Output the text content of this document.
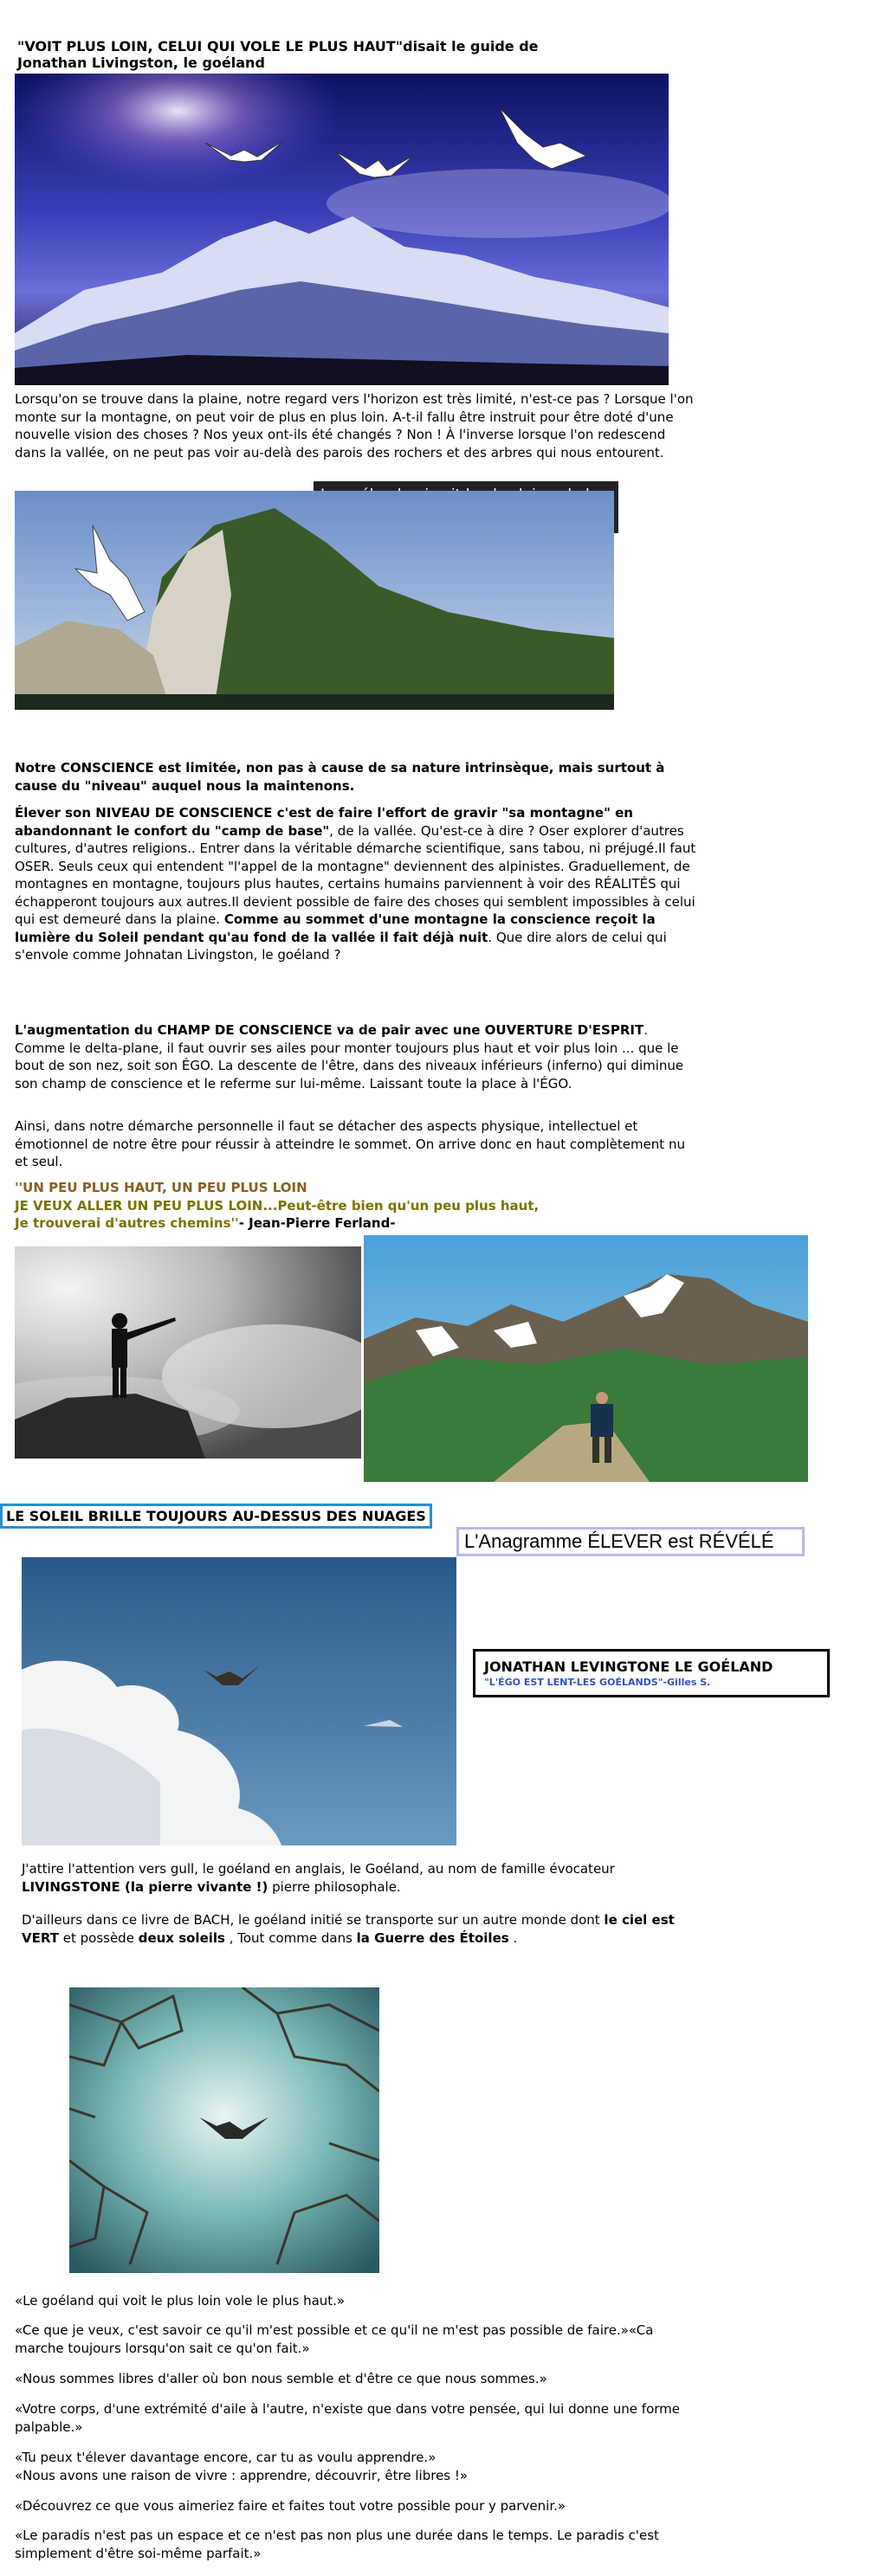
"VOIT PLUS LOIN, CELUI QUI VOLE LE PLUS HAUT"disait le guide de
Jonathan Livingston, le goéland

Lorsqu'on se trouve dans la plaine, notre regard vers l'horizon est très limité, n'est-ce pas ? Lorsque l'on monte sur la montagne, on peut voir de plus en plus loin. A-t-il fallu être instruit pour être doté d'une nouvelle vision des choses ? Nos yeux ont-ils été changés ? Non ! À l'inverse lorsque l'on redescend dans la vallée, on ne peut pas voir au-delà des parois des rochers et des arbres qui nous entourent.

Notre CONSCIENCE est limitée, non pas à cause de sa nature intrinsèque, mais surtout à cause du "niveau" auquel nous la maintenons.

Élever son NIVEAU DE CONSCIENCE c'est de faire l'effort de gravir "sa montagne" en abandonnant le confort du "camp de base", de la vallée. Qu'est-ce à dire ? Oser explorer d'autres cultures, d'autres religions.. Entrer dans la véritable démarche scientifique, sans tabou, ni préjugé.Il faut OSER. Seuls ceux qui entendent "l'appel de la montagne" deviennent des alpinistes. Graduellement, de montagnes en montagne, toujours plus hautes, certains humains parviennent à voir des RÉALITÉS qui échapperont toujours aux autres.Il devient possible de faire des choses qui semblent impossibles à celui qui est demeuré dans la plaine. Comme au sommet d'une montagne la conscience reçoit la lumière du Soleil pendant qu'au fond de la vallée il fait déjà nuit. Que dire alors de celui qui s'envole comme Johnatan Livingston, le goéland ?

L'augmentation du CHAMP DE CONSCIENCE va de pair avec une OUVERTURE D'ESPRIT. Comme le delta-plane, il faut ouvrir ses ailes pour monter toujours plus haut et voir plus loin ... que le bout de son nez, soit son ÉGO. La descente de l'être, dans des niveaux inférieurs (inferno) qui diminue son champ de conscience et le referme sur lui-même. Laissant toute la place à l'ÉGO.

Ainsi, dans notre démarche personnelle il faut se détacher des aspects physique, intellectuel et émotionnel de notre être pour réussir à atteindre le sommet. On arrive donc en haut complètement nu et seul.

''UN PEU PLUS HAUT, UN PEU PLUS LOIN
JE VEUX ALLER UN PEU PLUS LOIN...Peut-être bien qu'un peu plus haut,
Je trouverai d'autres chemins''- Jean-Pierre Ferland-
LE SOLEIL BRILLE TOUJOURS AU-DESSUS DES NUAGES
L'Anagramme ÉLEVER est RÉVÉLÉ
JONATHAN LEVINGTONE LE GOÉLAND
"L'ÉGO EST LENT-LES GOÉLANDS"-Gilles S.

J'attire l'attention vers gull, le goéland en anglais, le Goéland, au nom de famille évocateur LIVINGSTONE (la pierre vivante !) pierre philosophale.

D'ailleurs dans ce livre de BACH, le goéland initié se transporte sur un autre monde dont le ciel est VERT et possède deux soleils , Tout comme dans la Guerre des Étoiles .

«Le goéland qui voit le plus loin vole le plus haut.»

«Ce que je veux, c'est savoir ce qu'il m'est possible et ce qu'il ne m'est pas possible de faire.»«Ca marche toujours lorsqu'on sait ce qu'on fait.»

«Nous sommes libres d'aller où bon nous semble et d'être ce que nous sommes.»

«Votre corps, d'une extrémité d'aile à l'autre, n'existe que dans votre pensée, qui lui donne une forme palpable.»

«Tu peux t'élever davantage encore, car tu as voulu apprendre.»

«Nous avons une raison de vivre : apprendre, découvrir, être libres !»

«Découvrez ce que vous aimeriez faire et faites tout votre possible pour y parvenir.»

«Le paradis n'est pas un espace et ce n'est pas non plus une durée dans le temps. Le paradis c'est simplement d'être soi-même parfait.»
